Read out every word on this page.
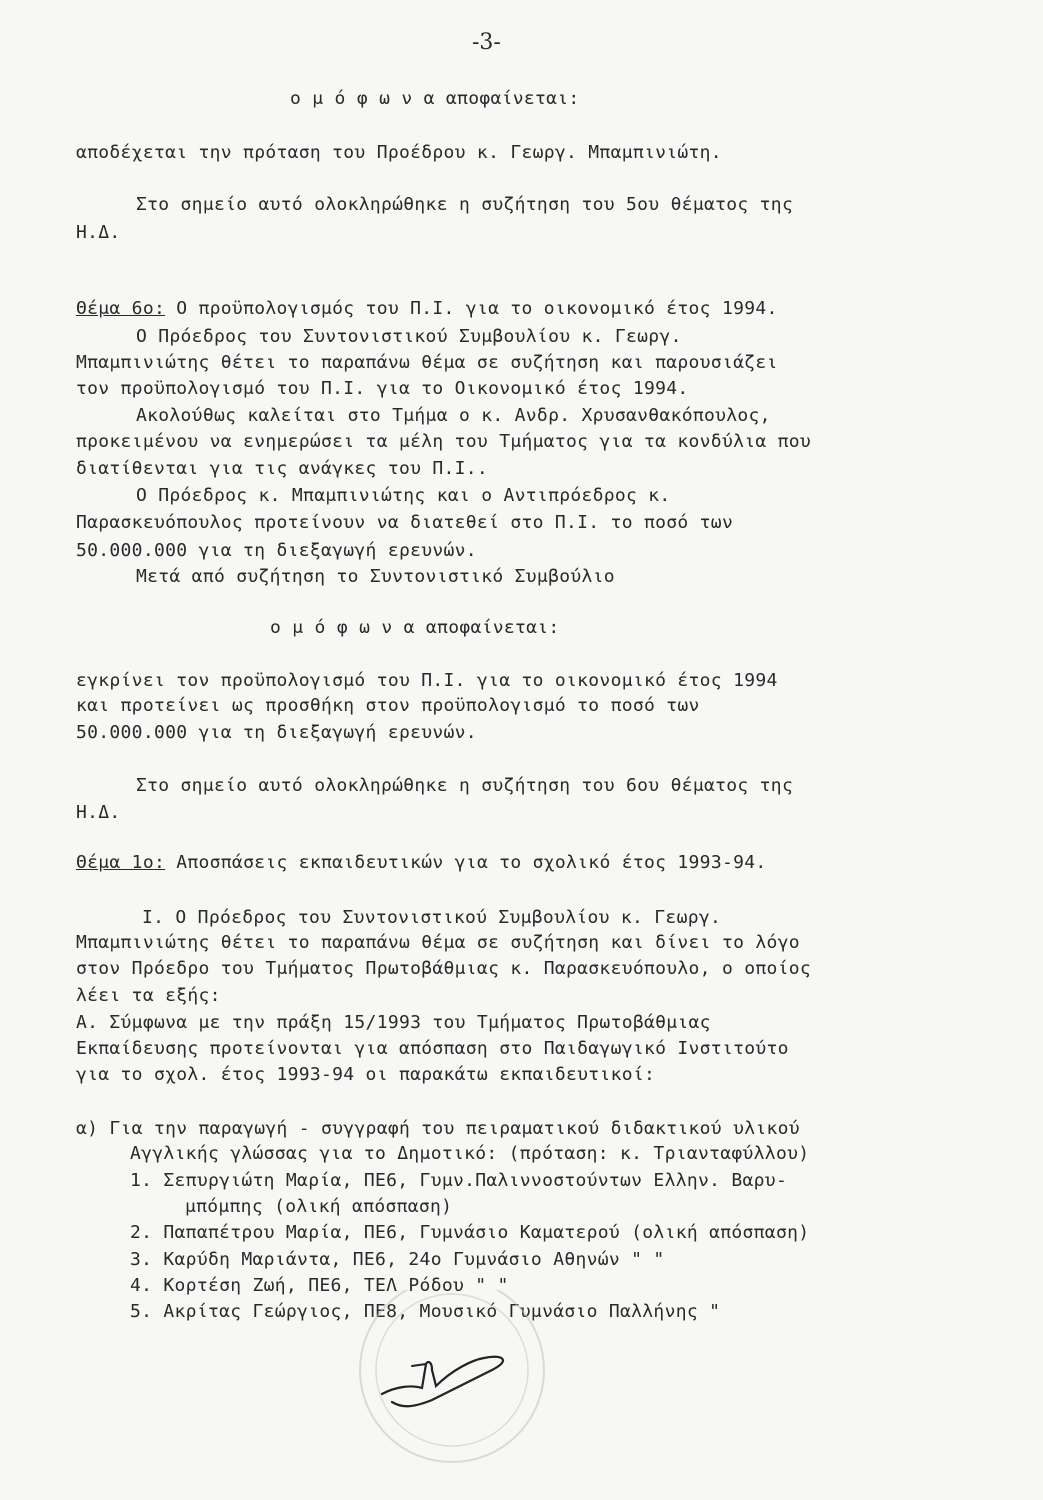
-3-
ο μ ό φ ω ν α αποφαίνεται:
αποδέχεται την πρόταση του Προέδρου κ. Γεωργ. Μπαμπινιώτη.
Στο σημείο αυτό ολοκληρώθηκε η συζήτηση του 5ου θέματος της
Η.Δ.
Θέμα 6ο: Ο προϋπολογισμός του Π.Ι. για το οικονομικό έτος 1994.
Ο Πρόεδρος του Συντονιστικού Συμβουλίου κ. Γεωργ.
Μπαμπινιώτης θέτει το παραπάνω θέμα σε συζήτηση και παρουσιάζει
τον προϋπολογισμό του Π.Ι. για το Οικονομικό έτος 1994.
Ακολούθως καλείται στο Τμήμα ο κ. Ανδρ. Χρυσανθακόπουλος,
προκειμένου να ενημερώσει τα μέλη του Τμήματος για τα κονδύλια που
διατίθενται για τις ανάγκες του Π.Ι..
Ο Πρόεδρος κ. Μπαμπινιώτης και ο Αντιπρόεδρος κ.
Παρασκευόπουλος προτείνουν να διατεθεί στο Π.Ι. το ποσό των
50.000.000 για τη διεξαγωγή ερευνών.
Μετά από συζήτηση το Συντονιστικό Συμβούλιο
ο μ ό φ ω ν α αποφαίνεται:
εγκρίνει τον προϋπολογισμό του Π.Ι. για το οικονομικό έτος 1994
και προτείνει ως προσθήκη στον προϋπολογισμό το ποσό των
50.000.000 για τη διεξαγωγή ερευνών.
Στο σημείο αυτό ολοκληρώθηκε η συζήτηση του 6ου θέματος της
Η.Δ.
Θέμα 1ο: Αποσπάσεις εκπαιδευτικών για το σχολικό έτος 1993-94.
Ι. Ο Πρόεδρος του Συντονιστικού Συμβουλίου κ. Γεωργ.
Μπαμπινιώτης θέτει το παραπάνω θέμα σε συζήτηση και δίνει το λόγο
στον Πρόεδρο του Τμήματος Πρωτοβάθμιας κ. Παρασκευόπουλο, ο οποίος
λέει τα εξής:
Α. Σύμφωνα με την πράξη 15/1993 του Τμήματος Πρωτοβάθμιας
Εκπαίδευσης προτείνονται για απόσπαση στο Παιδαγωγικό Ινστιτούτο
για το σχολ. έτος 1993-94 οι παρακάτω εκπαιδευτικοί:
α) Για την παραγωγή - συγγραφή του πειραματικού διδακτικού υλικού
Αγγλικής γλώσσας για το Δημοτικό: (πρόταση: κ. Τριανταφύλλου)
1. Σεπυργιώτη Μαρία, ΠΕ6, Γυμν.Παλιννοστούντων Ελλην. Βαρυ-
μπόμπης (ολική απόσπαση)
2. Παπαπέτρου Μαρία, ΠΕ6, Γυμνάσιο Καματερού (ολική απόσπαση)
3. Καρύδη Μαριάντα, ΠΕ6, 24ο Γυμνάσιο Αθηνών " "
4. Κορτέση Ζωή, ΠΕ6, ΤΕΛ Ρόδου " "
5. Ακρίτας Γεώργιος, ΠΕ8, Μουσικό Γυμνάσιο Παλλήνης "
